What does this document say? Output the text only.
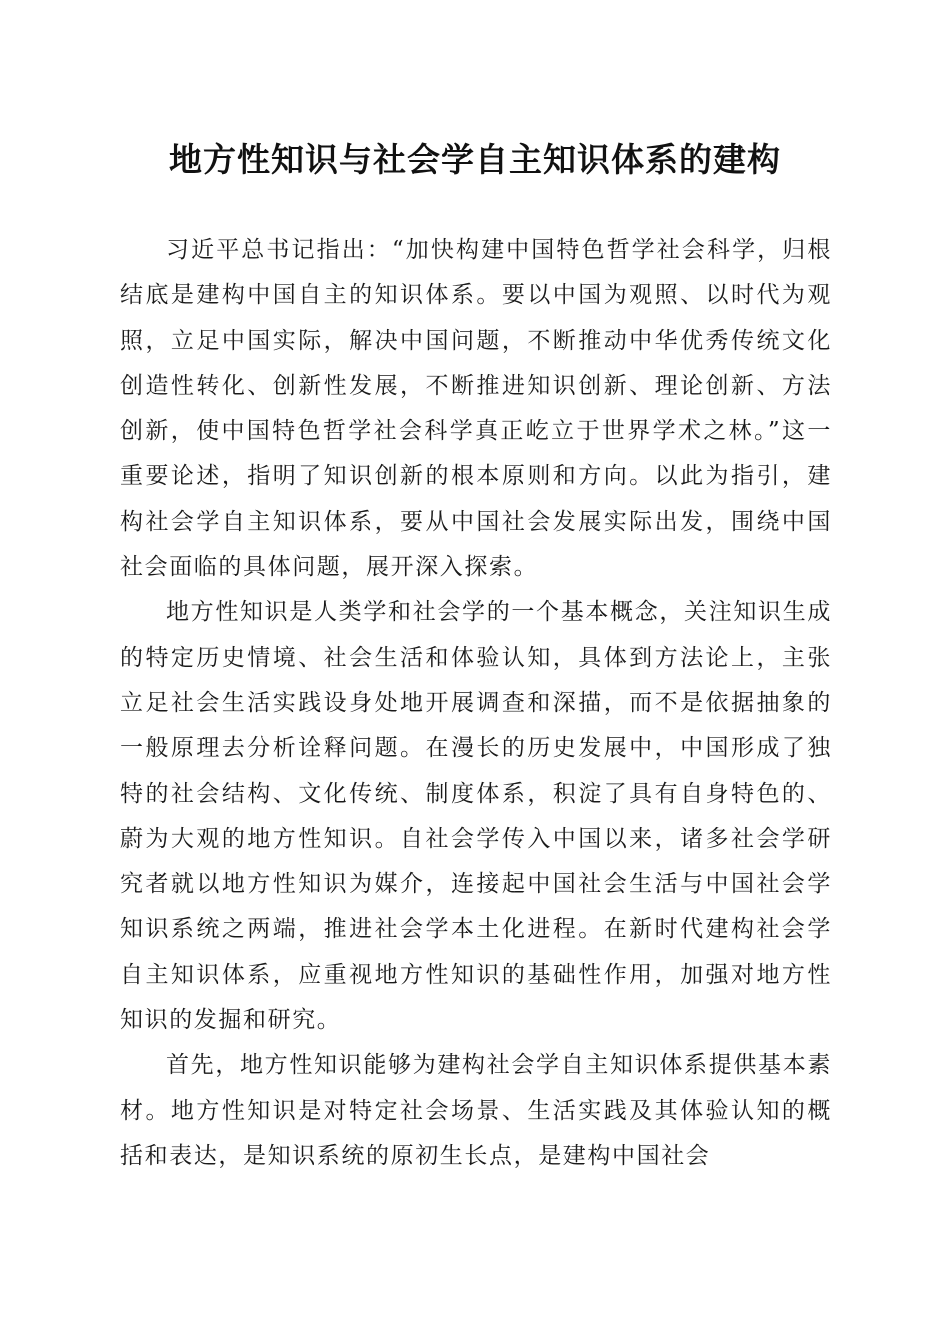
地方性知识与社会学自主知识体系的建构

习近平总书记指出：“加快构建中国特色哲学社会科学，归根结底是建构中国自主的知识体系。要以中国为观照、以时代为观照，立足中国实际，解决中国问题，不断推动中华优秀传统文化创造性转化、创新性发展，不断推进知识创新、理论创新、方法创新，使中国特色哲学社会科学真正屹立于世界学术之林。”这一重要论述，指明了知识创新的根本原则和方向。以此为指引，建构社会学自主知识体系，要从中国社会发展实际出发，围绕中国社会面临的具体问题，展开深入探索。

地方性知识是人类学和社会学的一个基本概念，关注知识生成的特定历史情境、社会生活和体验认知，具体到方法论上，主张立足社会生活实践设身处地开展调查和深描，而不是依据抽象的一般原理去分析诠释问题。在漫长的历史发展中，中国形成了独特的社会结构、文化传统、制度体系，积淀了具有自身特色的、蔚为大观的地方性知识。自社会学传入中国以来，诸多社会学研究者就以地方性知识为媒介，连接起中国社会生活与中国社会学知识系统之两端，推进社会学本土化进程。在新时代建构社会学自主知识体系，应重视地方性知识的基础性作用，加强对地方性知识的发掘和研究。

首先，地方性知识能够为建构社会学自主知识体系提供基本素材。地方性知识是对特定社会场景、生活实践及其体验认知的概括和表达，是知识系统的原初生长点，是建构中国社会
